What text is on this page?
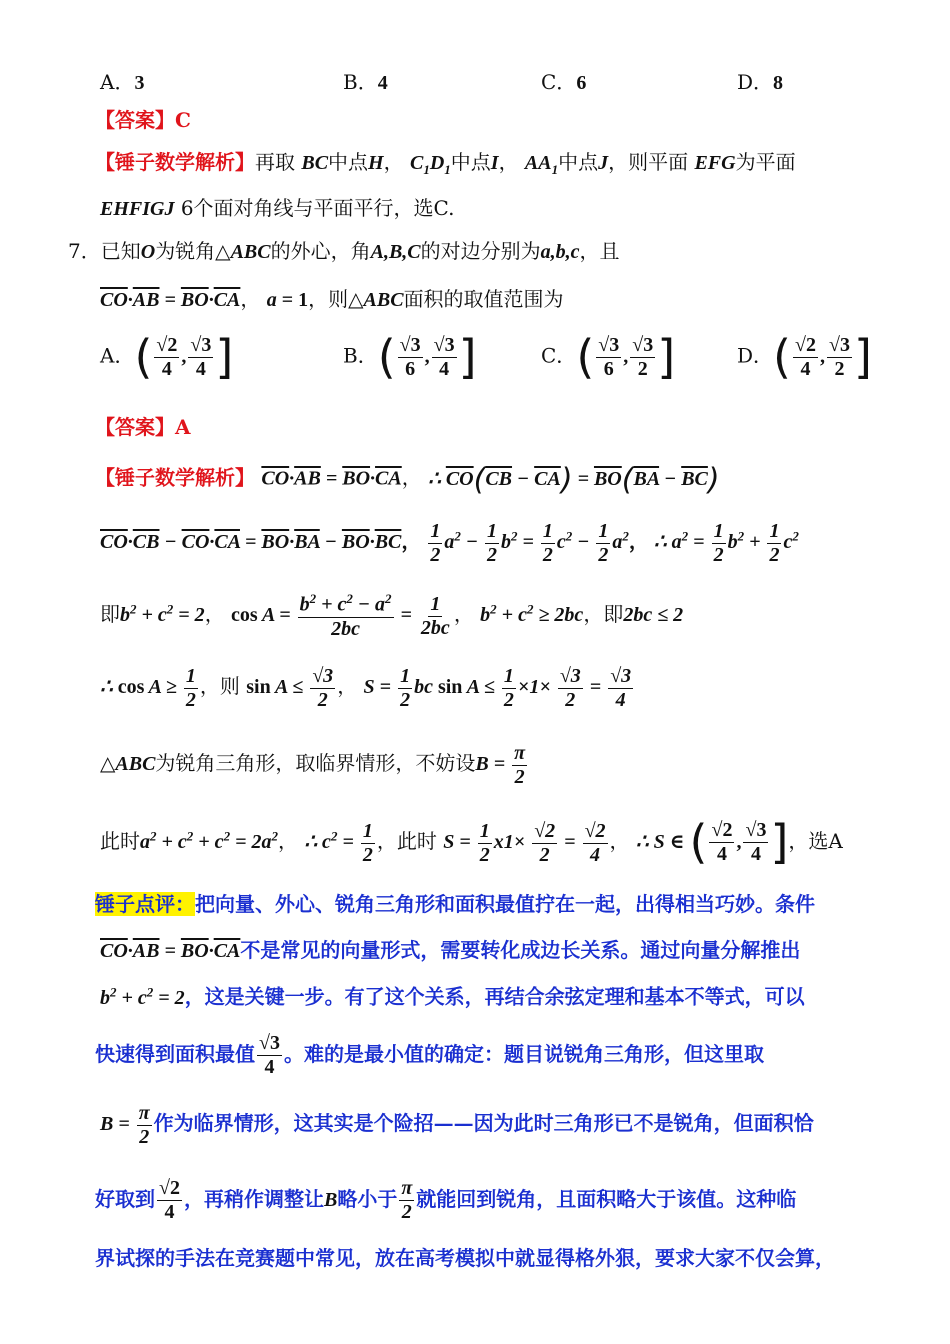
A．3	B．4	C．6	D．8
【答案】C
【锤子数学解析】再取 BC中点H， $C_1D_1$中点I， $AA_1$中点J，则平面 EFG为平面
EHFIGJ 6个面对角线与平面平行，选C.
7．已知O为锐角△ABC的外心，角A,B,C的对边分别为a,b,c，且
$\overline{CO}\cdot\overline{AB} = \overline{BO}\cdot\overline{CA}$， a = 1，则△ABC面积的取值范围为
A．( $\frac{√2}{4}$ , $\frac{√3}{4}$ ]	B．( $\frac{√3}{6}$ , $\frac{√3}{4}$ ]	C．( $\frac{√3}{6}$ , $\frac{√3}{2}$ ]	D．( $\frac{√2}{4}$ , $\frac{√3}{2}$ ]
【答案】A
【锤子数学解析】 $\overline{CO}\cdot\overline{AB} = \overline{BO}\cdot\overline{CA}$， ∴ $\overline{CO}(\overline{CB} - \overline{CA}) = \overline{BO}(\overline{BA} - \overline{BC})$
$\overline{CO}\cdot\overline{CB} - \overline{CO}\cdot\overline{CA} = \overline{BO}\cdot\overline{BA} - \overline{BO}\cdot\overline{BC}$， $\frac{1}{2} a^2 - \frac{1}{2} b^2 = \frac{1}{2} c^2 - \frac{1}{2} a^2$， ∴ $a^2 = \frac{1}{2} b^2 + \frac{1}{2} c^2$
即$b^2 + c^2 = 2$， $\cos A = \frac{b^2 + c^2 - a^2}{2bc} = \frac{1}{2bc}$ ， $b^2 + c^2 \ge 2bc$，即2bc ≤ 2
∴ $\cos A \ge \frac{1}{2}$ ，则 $\sin A \le \frac{√3}{2}$ ， $S = \frac{1}{2}$ bc $\sin A \le \frac{1}{2} \times 1\times \frac{√3}{2} = \frac{√3}{4}$
△ABC为锐角三角形，取临界情形，不妨设$B = \frac{\pi}{2}$
此时$a^2 + c^2 + c^2 = 2a^2$， ∴ $c^2 = \frac{1}{2}$ ，此时 $S = \frac{1}{2} x1\times \frac{√2}{2} = \frac{√2}{4}$ ， ∴ S ∈ ( $\frac{√2}{4}$ , $\frac{√3}{4}$ ]，选A
锤子点评：把向量、外心、锐角三角形和面积最值拧在一起，出得相当巧妙。条件
$\overline{CO}\cdot\overline{AB} = \overline{BO}\cdot\overline{CA}$不是常见的向量形式，需要转化成边长关系。通过向量分解推出
$b^2 + c^2 = 2$，这是关键一步。有了这个关系，再结合余弦定理和基本不等式，可以
快速得到面积最值 $\frac{√3}{4}$ 。难的是最小值的确定：题目说锐角三角形，但这里取
$B = \frac{\pi}{2}$ 作为临界情形，这其实是个险招——因为此时三角形已不是锐角，但面积恰
好取到 $\frac{√2}{4}$ ，再稍作调整让B略小于 $\frac{\pi}{2}$ 就能回到锐角，且面积略大于该值。这种临
界试探的手法在竞赛题中常见，放在高考模拟中就显得格外狠，要求大家不仅会算，
